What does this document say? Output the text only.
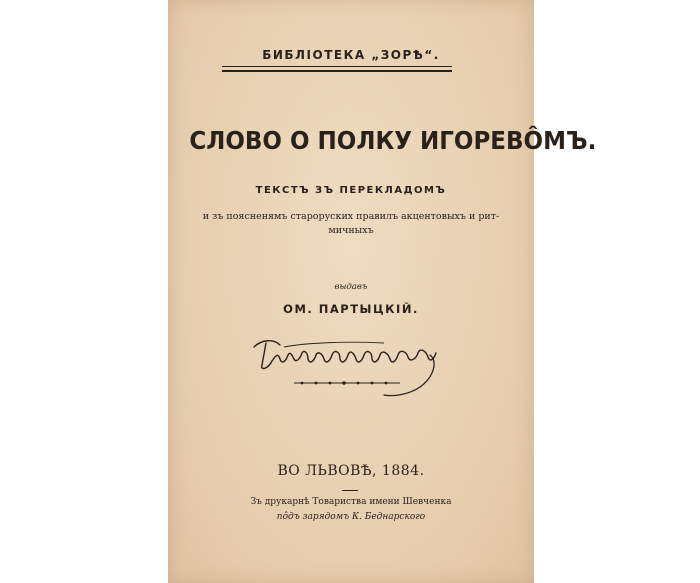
БИБЛІОТЕКА „ЗОРѢ“.
СЛОВО О ПОЛКУ ИГОРЕВÔМЪ.
ТЕКСТЪ ЗЪ ПЕРЕКЛАДОМЪ
и зъ поясненямъ староруских правилъ акцентовыхъ и рит-
мичныхъ
выдавъ
ОМ. ПАРТЫЦКІЙ.
ВО ЛЬВОВѢ, 1884.
Зъ друкарнѣ Товариства имени Шевченка
пôдъ зарядомъ К. Беднарского
